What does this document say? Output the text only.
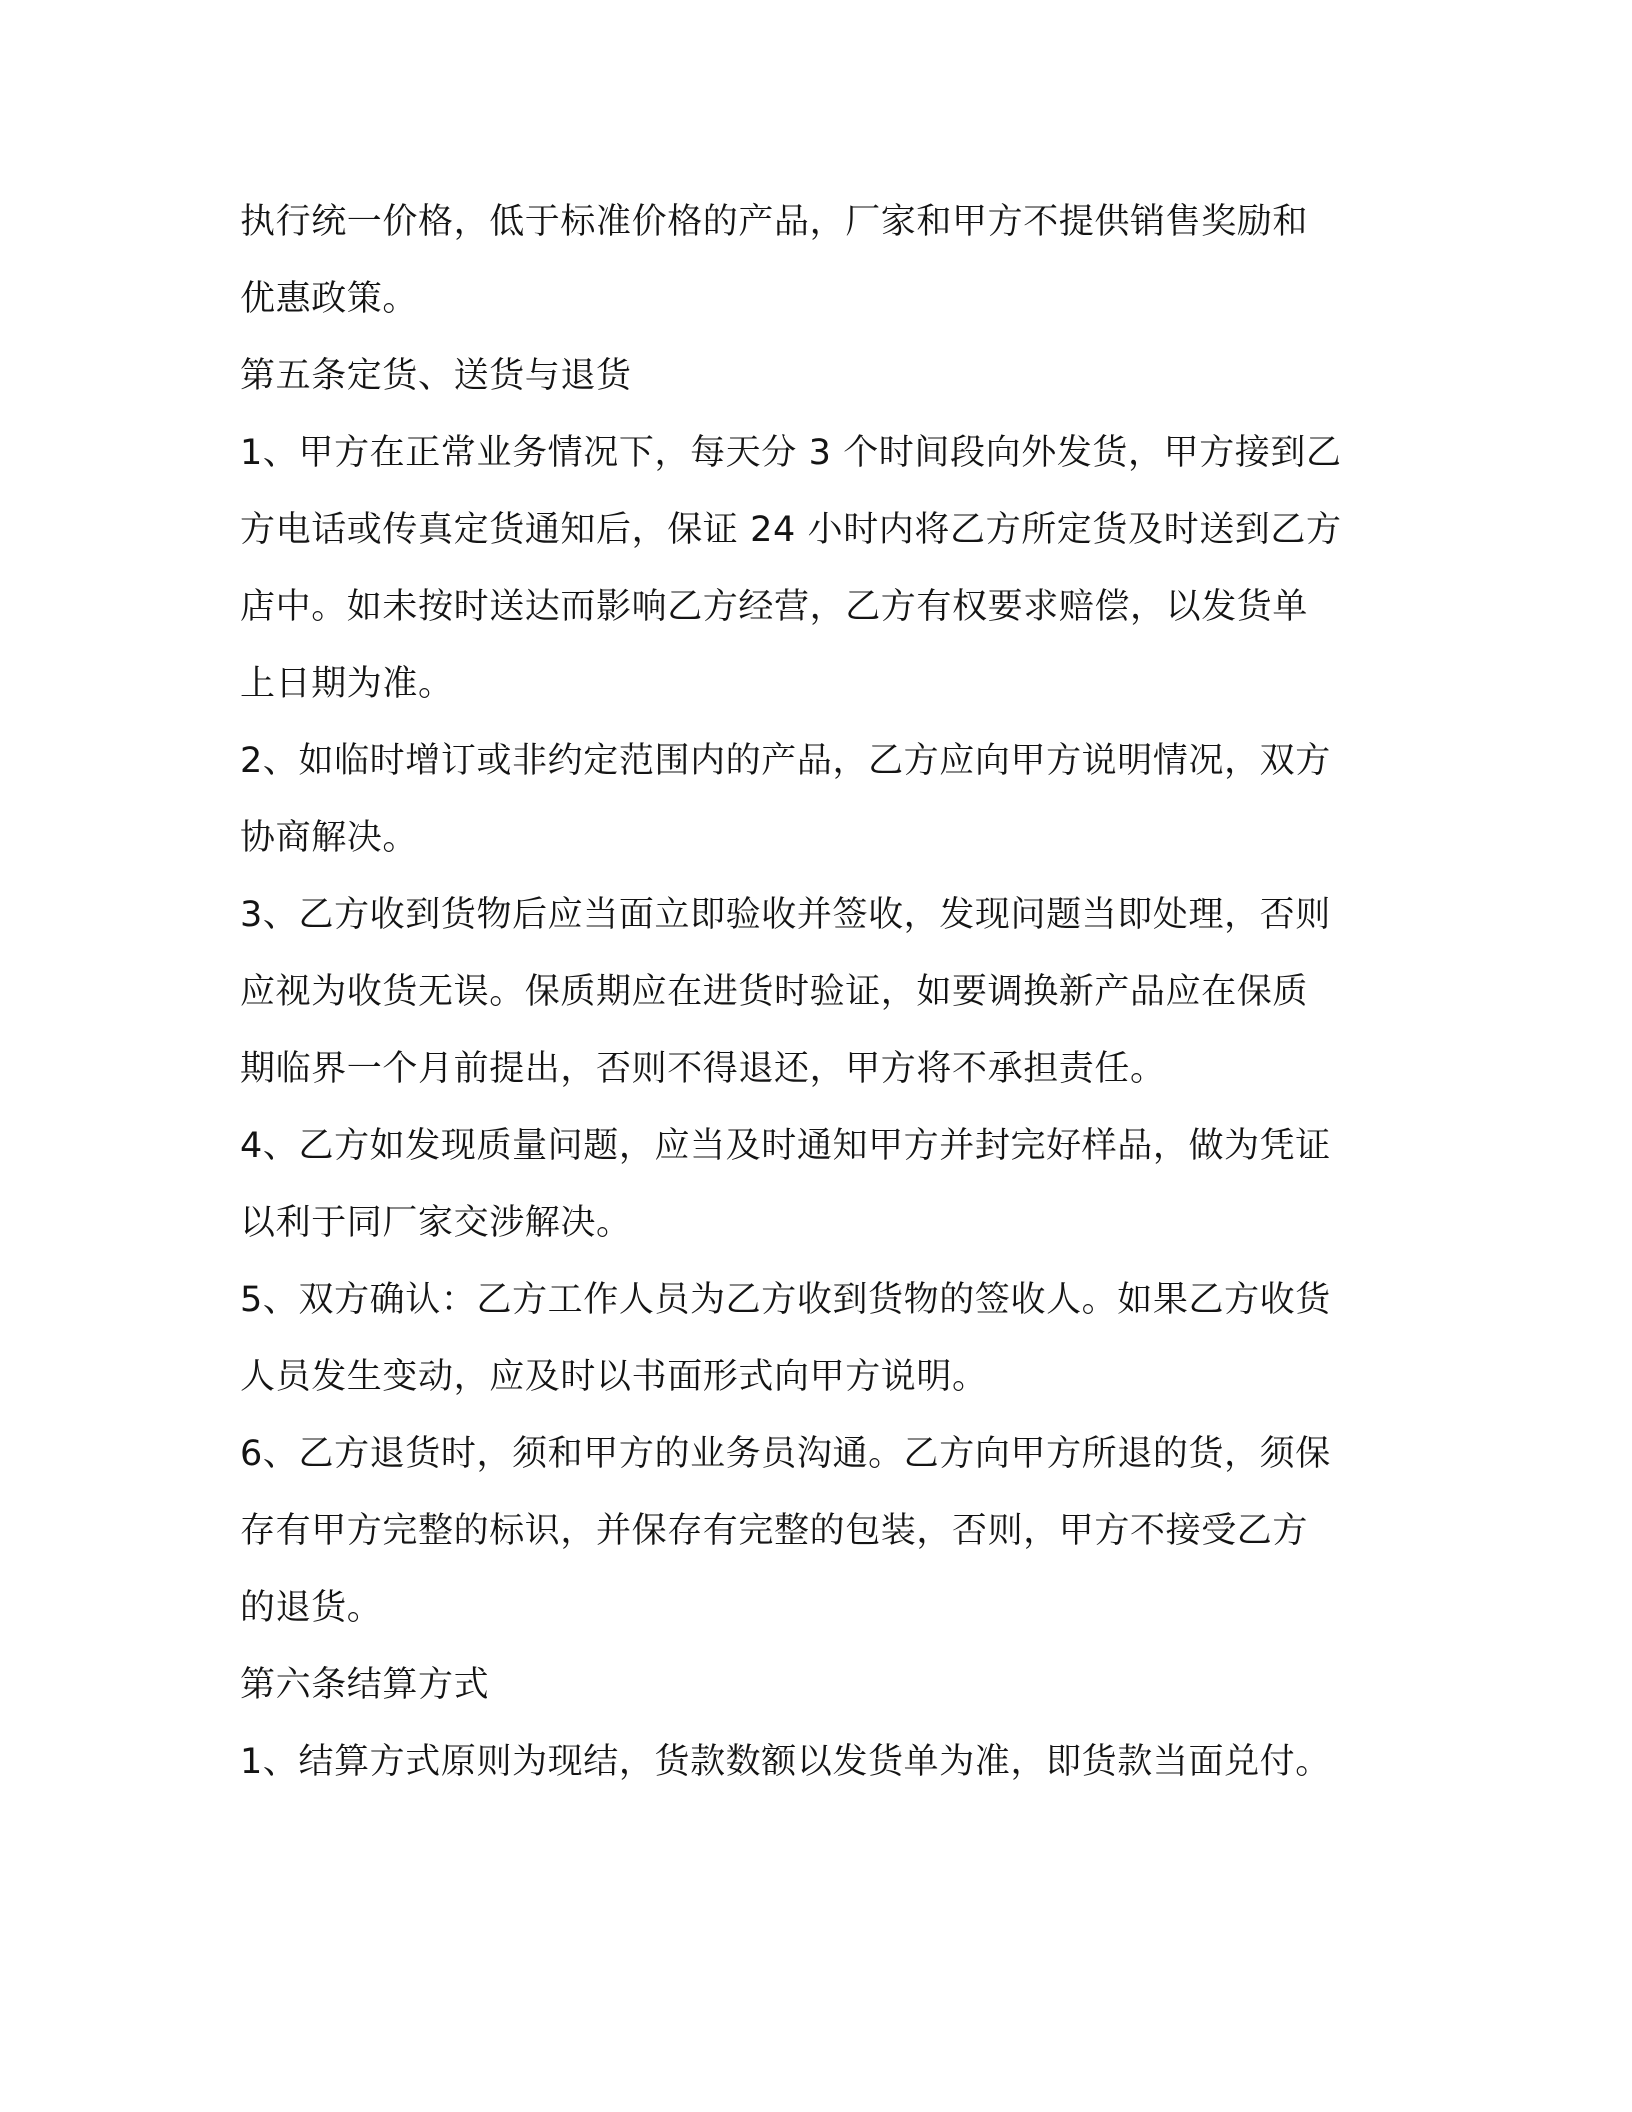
执行统一价格，低于标准价格的产品，厂家和甲方不提供销售奖励和
优惠政策。

第五条定货、送货与退货

1、甲方在正常业务情况下，每天分 3 个时间段向外发货，甲方接到乙
方电话或传真定货通知后，保证 24 小时内将乙方所定货及时送到乙方
店中。如未按时送达而影响乙方经营，乙方有权要求赔偿，以发货单
上日期为准。

2、如临时增订或非约定范围内的产品，乙方应向甲方说明情况，双方
协商解决。

3、乙方收到货物后应当面立即验收并签收，发现问题当即处理，否则
应视为收货无误。保质期应在进货时验证，如要调换新产品应在保质
期临界一个月前提出，否则不得退还，甲方将不承担责任。

4、乙方如发现质量问题，应当及时通知甲方并封完好样品，做为凭证
以利于同厂家交涉解决。

5、双方确认：乙方工作人员为乙方收到货物的签收人。如果乙方收货
人员发生变动，应及时以书面形式向甲方说明。

6、乙方退货时，须和甲方的业务员沟通。乙方向甲方所退的货，须保
存有甲方完整的标识，并保存有完整的包装，否则，甲方不接受乙方
的退货。

第六条结算方式

1、结算方式原则为现结，货款数额以发货单为准，即货款当面兑付。
